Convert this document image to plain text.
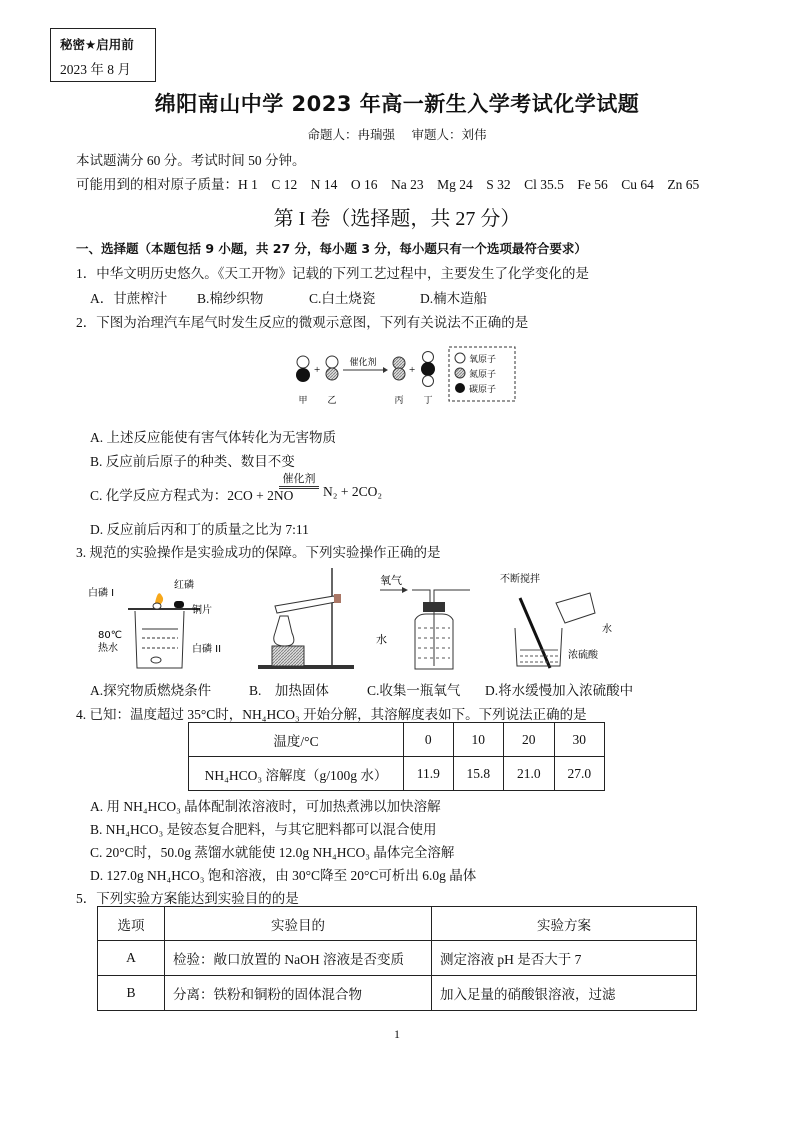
秘密★启用前
2023 年 8 月
绵阳南山中学 2023 年高一新生入学考试化学试题
命题人：冉瑞强　 审题人：刘伟
本试题满分 60 分。考试时间 50 分钟。
可能用到的相对原子质量：H 1　C 12　N 14　O 16　Na 23　Mg 24　S 32　Cl 35.5　Fe 56　Cu 64　Zn 65
第 I 卷（选择题，共 27 分）
一、选择题（本题包括 9 小题，共 27 分，每小题 3 分，每小题只有一个选项最符合要求）
1．中华文明历史悠久。《天工开物》记载的下列工艺过程中，主要发生了化学变化的是
A．甘蔗榨汁 B.棉纱织物	C.白土烧瓷	D.楠木造船
2．下图为治理汽车尾气时发生反应的微观示意图，下列有关说法不正确的是
+
催化剂
+
甲 乙	丙 丁
氧原子
氮原子
碳原子
A. 上述反应能使有害气体转化为无害物质
B. 反应前后原子的种类、数目不变
C. 化学反应方程式为：2CO + 2NO
催化剂
N₂ + 2CO₂
D. 反应前后丙和丁的质量之比为 7:11
3. 规范的实验操作是实验成功的保障。下列实验操作正确的是
白磷 I
红磷
铜片
80℃
热水	白磷 II
氧气
水
不断搅拌
水
浓硫酸
A.探究物质燃烧条件	B.　加热固体	C.收集一瓶氧气 D.将水缓慢加入浓硫酸中
4. 已知：温度超过 35°C时，NH₄HCO₃ 开始分解，其溶解度表如下。下列说法正确的是
温度/°C	0	10	20	30
NH₄HCO₃ 溶解度（g/100g 水）	11.9	15.8	21.0	27.0
A. 用 NH₄HCO₃ 晶体配制浓溶液时，可加热煮沸以加快溶解
B. NH₄HCO₃ 是铵态复合肥料，与其它肥料都可以混合使用
C. 20°C时，50.0g 蒸馏水就能使 12.0g NH₄HCO₃ 晶体完全溶解
D. 127.0g NH₄HCO₃ 饱和溶液，由 30°C降至 20°C可析出 6.0g 晶体
5．下列实验方案能达到实验目的的是
选项	实验目的	实验方案
A	检验：敞口放置的 NaOH 溶液是否变质	测定溶液 pH 是否大于 7
B	分离：铁粉和铜粉的固体混合物	加入足量的硝酸银溶液，过滤
1
